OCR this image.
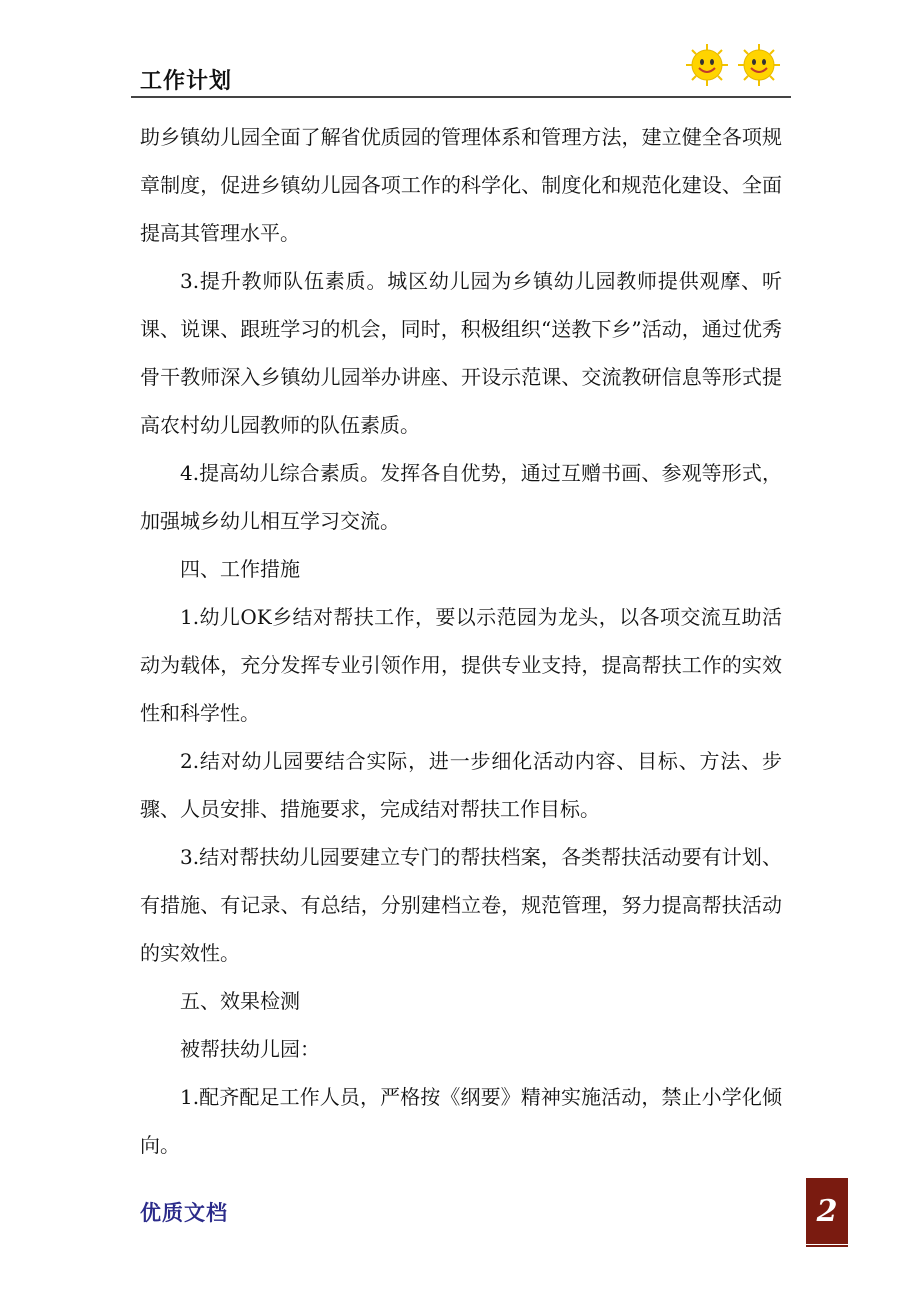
工作计划

助乡镇幼儿园全面了解省优质园的管理体系和管理方法，建立健全各项规章制度，促进乡镇幼儿园各项工作的科学化、制度化和规范化建设、全面提高其管理水平。

3.提升教师队伍素质。城区幼儿园为乡镇幼儿园教师提供观摩、听课、说课、跟班学习的机会，同时，积极组织“送教下乡”活动，通过优秀骨干教师深入乡镇幼儿园举办讲座、开设示范课、交流教研信息等形式提高农村幼儿园教师的队伍素质。

4.提高幼儿综合素质。发挥各自优势，通过互赠书画、参观等形式，加强城乡幼儿相互学习交流。

四、工作措施

1.幼儿OK乡结对帮扶工作，要以示范园为龙头，以各项交流互助活动为载体，充分发挥专业引领作用，提供专业支持，提高帮扶工作的实效性和科学性。

2.结对幼儿园要结合实际，进一步细化活动内容、目标、方法、步骤、人员安排、措施要求，完成结对帮扶工作目标。

3.结对帮扶幼儿园要建立专门的帮扶档案，各类帮扶活动要有计划、有措施、有记录、有总结，分别建档立卷，规范管理，努力提高帮扶活动的实效性。

五、效果检测

被帮扶幼儿园：

1.配齐配足工作人员，严格按《纲要》精神实施活动，禁止小学化倾向。

优质文档	2
